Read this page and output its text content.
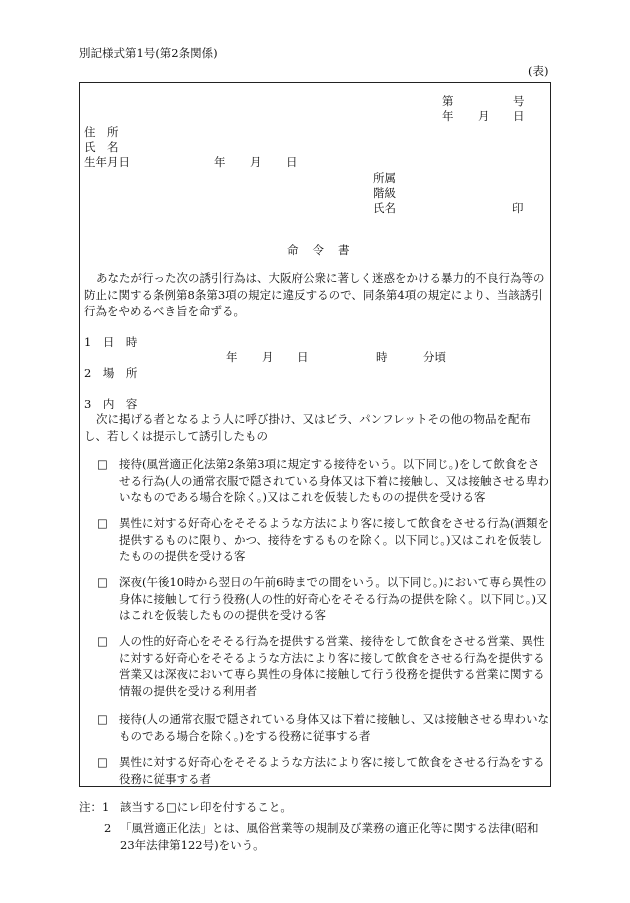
別記様式第1号(第2条関係)
(表)
第	号
年 月 日
住　所
氏　名
生年月日	年 月 日
所属
階級
氏名	印
命令書
あなたが行った次の誘引行為は、大阪府公衆に著しく迷惑をかける暴力的不良行為等の防止に関する条例第8条第3項の規定に違反するので、同条第4項の規定により、当該誘引行為をやめるべき旨を命ずる。
1　日　時
年 月 日	時	分頃
2　場　所
3　内　容
次に掲げる者となるよう人に呼び掛け、又はビラ、パンフレットその他の物品を配布し、若しくは提示して誘引したもの
□ 接待(風営適正化法第2条第3項に規定する接待をいう。以下同じ。)をして飲食をさせる行為(人の通常衣服で隠されている身体又は下着に接触し、又は接触させる卑わいなものである場合を除く。)又はこれを仮装したものの提供を受ける客
□ 異性に対する好奇心をそそるような方法により客に接して飲食をさせる行為(酒類を提供するものに限り、かつ、接待をするものを除く。以下同じ。)又はこれを仮装したものの提供を受ける客
□ 深夜(午後10時から翌日の午前6時までの間をいう。以下同じ。)において専ら異性の身体に接触して行う役務(人の性的好奇心をそそる行為の提供を除く。以下同じ。)又はこれを仮装したものの提供を受ける客
□ 人の性的好奇心をそそる行為を提供する営業、接待をして飲食をさせる営業、異性に対する好奇心をそそるような方法により客に接して飲食をさせる行為を提供する営業又は深夜において専ら異性の身体に接触して行う役務を提供する営業に関する情報の提供を受ける利用者
□ 接待(人の通常衣服で隠されている身体又は下着に接触し、又は接触させる卑わいなものである場合を除く。)をする役務に従事する者
□ 異性に対する好奇心をそそるような方法により客に接して飲食をさせる行為をする役務に従事する者
注：1 該当する□にレ印を付すること。
2 「風営適正化法」とは、風俗営業等の規制及び業務の適正化等に関する法律(昭和23年法律第122号)をいう。
